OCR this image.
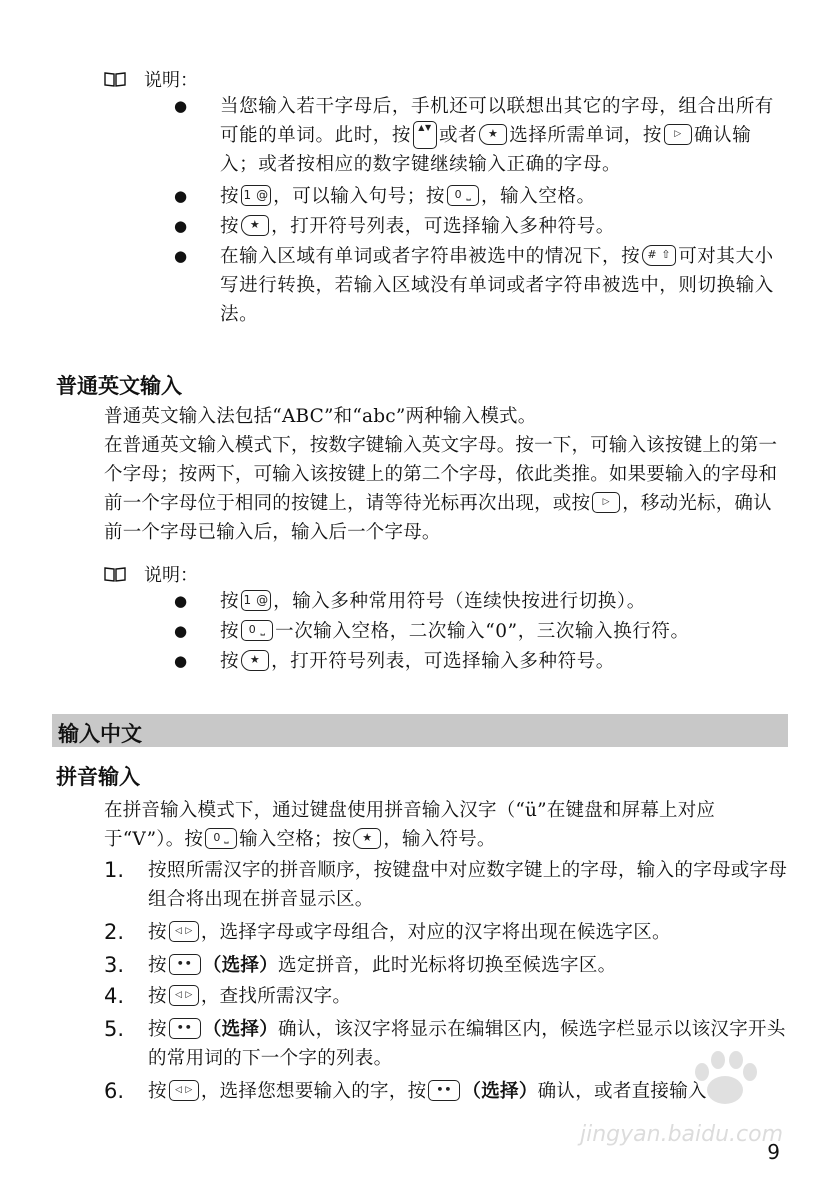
说明：
●	当您输入若干字母后，手机还可以联想出其它的字母，组合出所有可能的单词。此时，按 ▲▼ 或者 ★ 选择所需单词，按 ▷ 确认输入；或者按相应的数字键继续输入正确的字母。
●	按 1 @ ，可以输入句号；按 0 ⎵ ，输入空格。
●	按 ★ ，打开符号列表，可选择输入多种符号。
●	在输入区域有单词或者字符串被选中的情况下，按 # ⇧ 可对其大小写进行转换，若输入区域没有单词或者字符串被选中，则切换输入法。
普通英文输入

普通英文输入法包括“ABC”和“abc”两种输入模式。

在普通英文输入模式下，按数字键输入英文字母。按一下，可输入该按键上的第一个字母；按两下，可输入该按键上的第二个字母，依此类推。如果要输入的字母和前一个字母位于相同的按键上，请等待光标再次出现，或按 ▷ ，移动光标，确认前一个字母已输入后，输入后一个字母。

说明：
●	按 1 @ ，输入多种常用符号（连续快按进行切换）。
●	按 0 ⎵ 一次输入空格，二次输入“0”，三次输入换行符。
●	按 ★ ，打开符号列表，可选择输入多种符号。
输入中文
拼音输入

在拼音输入模式下，通过键盘使用拼音输入汉字（“ü”在键盘和屏幕上对应于“V”）。按 0 ⎵ 输入空格；按 ★ ，输入符号。

1.	按照所需汉字的拼音顺序，按键盘中对应数字键上的字母，输入的字母或字母组合将出现在拼音显示区。
2.	按 ◁ ▷ ，选择字母或字母组合，对应的汉字将出现在候选字区。
3.	按 •• （选择）选定拼音，此时光标将切换至候选字区。
4.	按 ◁ ▷ ，查找所需汉字。
5.	按 •• （选择）确认，该汉字将显示在编辑区内，候选字栏显示以该汉字开头的常用词的下一个字的列表。
6.	按 ◁ ▷ ，选择您想要输入的字，按 •• （选择）确认，或者直接输入
jingyan.baidu.com
9
